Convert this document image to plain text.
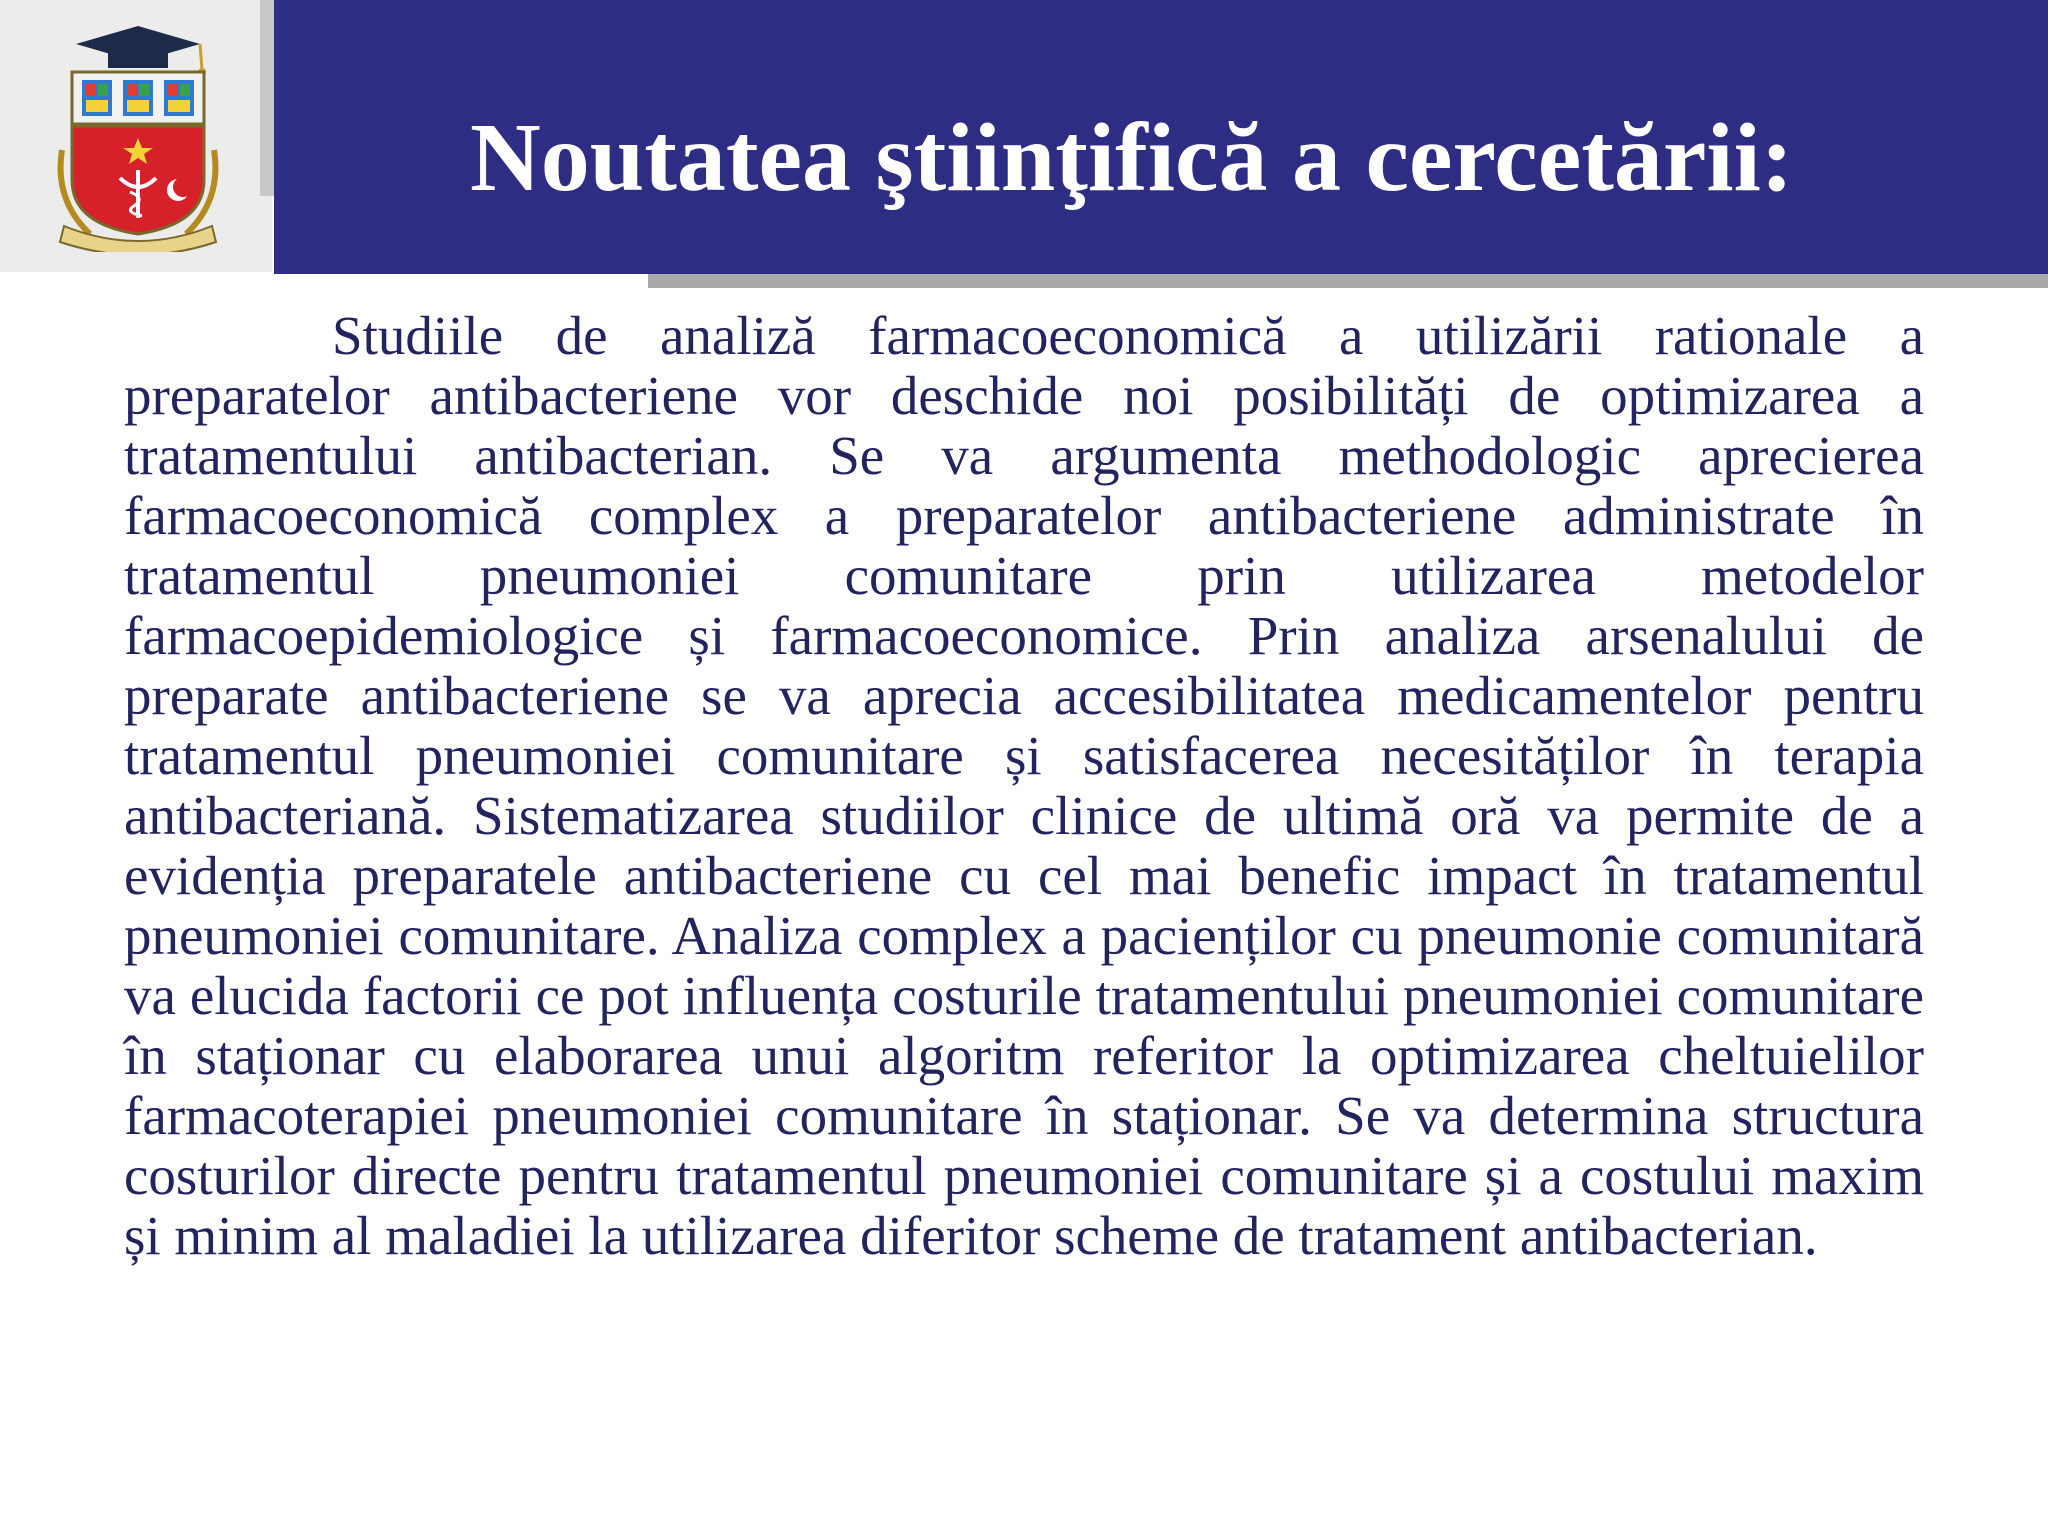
Noutatea ştiinţifică a cercetării:

Studiile de analiză farmacoeconomică a utilizării rationale a preparatelor antibacteriene vor deschide noi posibilități de optimizarea a tratamentului antibacterian. Se va argumenta methodologic aprecierea farmacoeconomică complex a preparatelor antibacteriene administrate în tratamentul pneumoniei comunitare prin utilizarea metodelor farmacoepidemiologice și farmacoeconomice. Prin analiza arsenalului de preparate antibacteriene se va aprecia accesibilitatea medicamentelor pentru tratamentul pneumoniei comunitare și satisfacerea necesităților în terapia antibacteriană. Sistematizarea studiilor clinice de ultimă oră va permite de a evidenția preparatele antibacteriene cu cel mai benefic impact în tratamentul pneumoniei comunitare. Analiza complex a pacienților cu pneumonie comunitară va elucida factorii ce pot influența costurile tratamentului pneumoniei comunitare în staționar cu elaborarea unui algoritm referitor la optimizarea cheltuielilor farmacoterapiei pneumoniei comunitare în staționar. Se va determina structura costurilor directe pentru tratamentul pneumoniei comunitare și a costului maxim și minim al maladiei la utilizarea diferitor scheme de tratament antibacterian.
